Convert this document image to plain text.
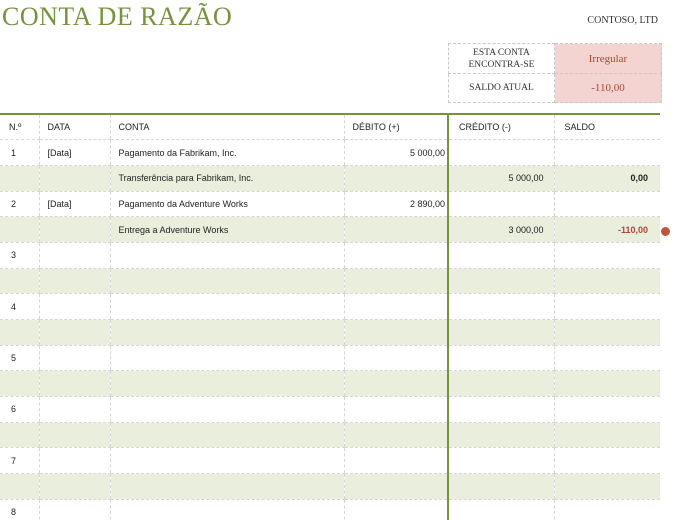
CONTA DE RAZÃO	CONTOSO, LTD
ESTA CONTA ENCONTRA-SE	Irregular
SALDO ATUAL	-110,00
N.º	DATA	CONTA	DÉBITO (+)	CRÉDITO (-)	SALDO
1	[Data]	Pagamento da Fabrikam, Inc.	5 000,00		
		Transferência para Fabrikam, Inc.		5 000,00	0,00
2	[Data]	Pagamento da Adventure Works	2 890,00		
		Entrega a Adventure Works		3 000,00	-110,00
3					

4					

5					

6					

7					

8					
